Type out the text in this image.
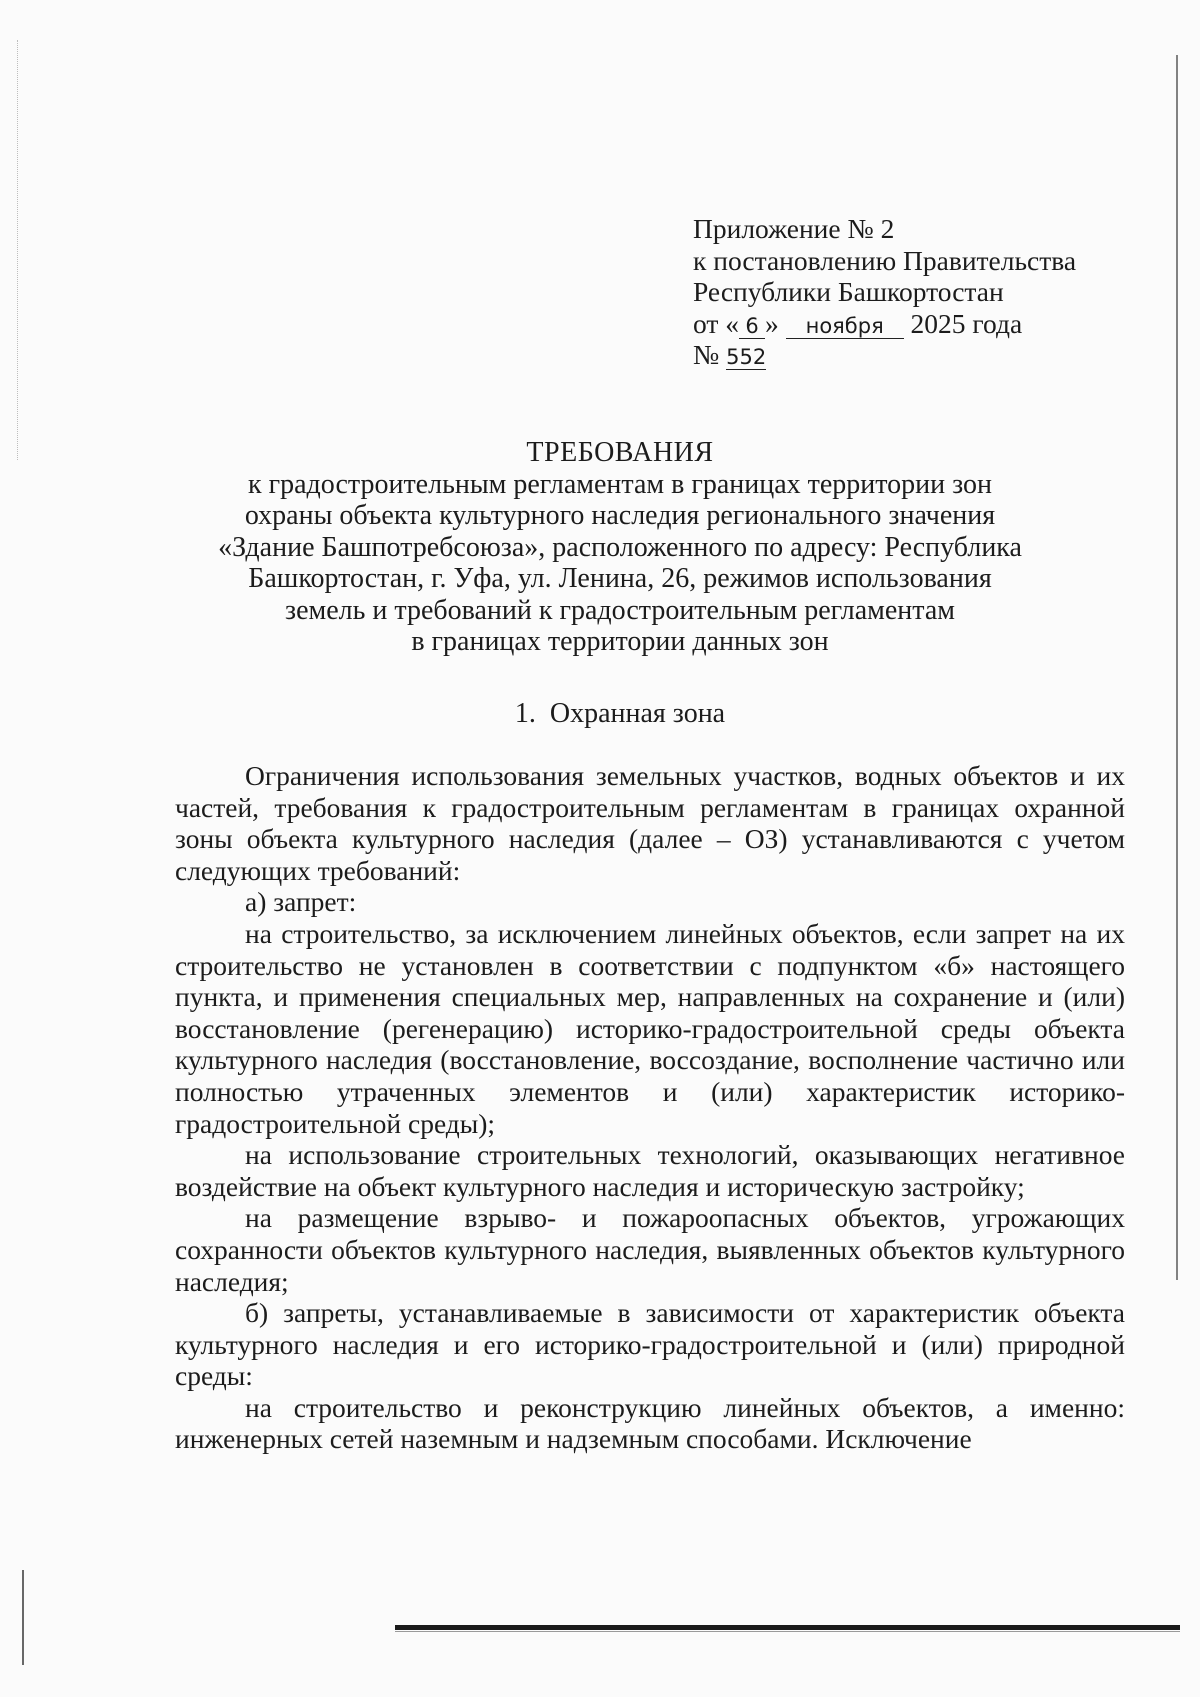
Приложение № 2
к постановлению Правительства
Республики Башкортостан
от « 6 » ноября 2025 года
№ 552
ТРЕБОВАНИЯ
к градостроительным регламентам в границах территории зон
охраны объекта культурного наследия регионального значения
«Здание Башпотребсоюза», расположенного по адресу: Республика
Башкортостан, г. Уфа, ул. Ленина, 26, режимов использования
земель и требований к градостроительным регламентам
в границах территории данных зон
1. Охранная зона

Ограничения использования земельных участков, водных объектов и их частей, требования к градостроительным регламентам в границах охранной зоны объекта культурного наследия (далее – ОЗ) устанавливаются с учетом следующих требований:

а) запрет:

на строительство, за исключением линейных объектов, если запрет на их строительство не установлен в соответствии с подпунктом «б» настоящего пункта, и применения специальных мер, направленных на сохранение и (или) восстановление (регенерацию) историко-градостроительной среды объекта культурного наследия (восстановление, воссоздание, восполнение частично или полностью утраченных элементов и (или) характеристик историко-градостроительной среды);

на использование строительных технологий, оказывающих негативное воздействие на объект культурного наследия и историческую застройку;

на размещение взрыво- и пожароопасных объектов, угрожающих сохранности объектов культурного наследия, выявленных объектов культурного наследия;

б) запреты, устанавливаемые в зависимости от характеристик объекта культурного наследия и его историко-градостроительной и (или) природной среды:

на строительство и реконструкцию линейных объектов, а именно: инженерных сетей наземным и надземным способами. Исключение
